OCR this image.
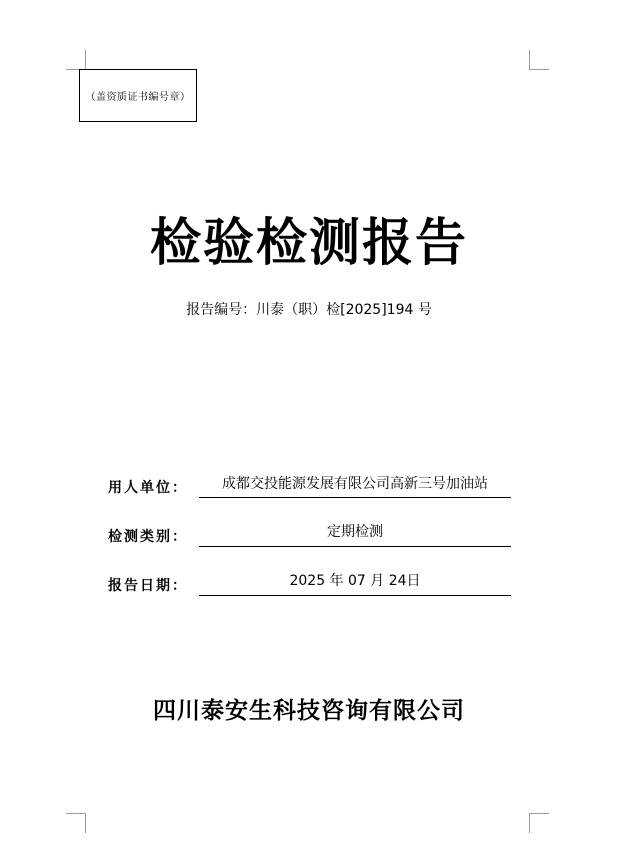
（盖资质证书编号章）
检验检测报告
报告编号：川泰（职）检[2025]194 号
用人单位：	成都交投能源发展有限公司高新三号加油站
检测类别：	定期检测
报告日期：	2025 年 07 月 24日
四川泰安生科技咨询有限公司
